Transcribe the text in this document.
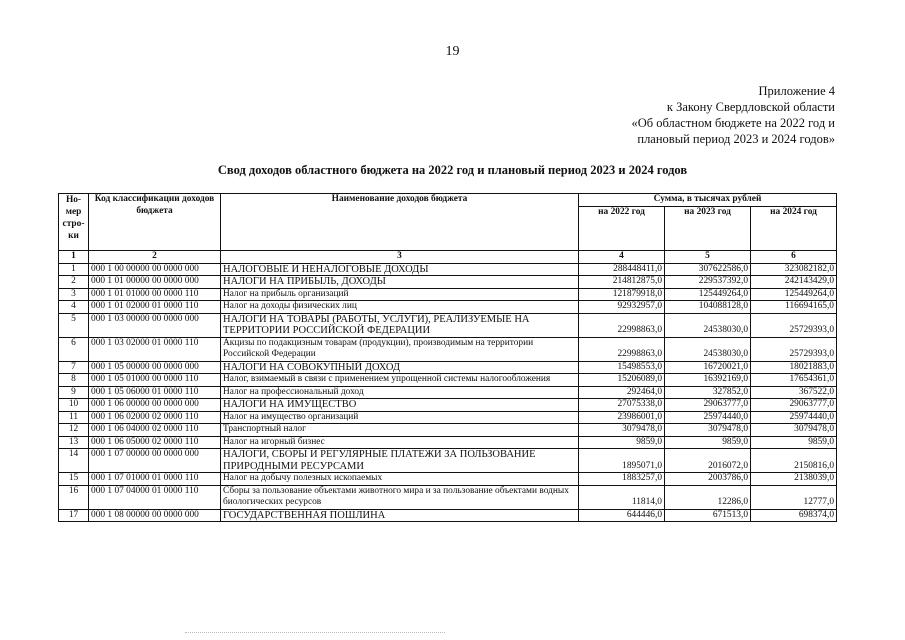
19
Приложение 4
к Закону Свердловской области
«Об областном бюджете на 2022 год и
плановый период 2023 и 2024 годов»
Свод доходов областного бюджета на 2022 год и плановый период 2023 и 2024 годов
Но-мер стро-ки	Код классификации доходов бюджета	Наименование доходов бюджета	Сумма, в тысячах рублей		
			на 2022 год	на 2023 год	на 2024 год
1	2	3	4	5	6
1	000 1 00 00000 00 0000 000	НАЛОГОВЫЕ И НЕНАЛОГОВЫЕ ДОХОДЫ	288448411,0	307622586,0	323082182,0
2	000 1 01 00000 00 0000 000	НАЛОГИ НА ПРИБЫЛЬ, ДОХОДЫ	214812875,0	229537392,0	242143429,0
3	000 1 01 01000 00 0000 110	Налог на прибыль организаций	121879918,0	125449264,0	125449264,0
4	000 1 01 02000 01 0000 110	Налог на доходы физических лиц	92932957,0	104088128,0	116694165,0
5	000 1 03 00000 00 0000 000	НАЛОГИ НА ТОВАРЫ (РАБОТЫ, УСЛУГИ), РЕАЛИЗУЕМЫЕ НА ТЕРРИТОРИИ РОССИЙСКОЙ ФЕДЕРАЦИИ	22998863,0	24538030,0	25729393,0
6	000 1 03 02000 01 0000 110	Акцизы по подакцизным товарам (продукции), производимым на территории Российской Федерации	22998863,0	24538030,0	25729393,0
7	000 1 05 00000 00 0000 000	НАЛОГИ НА СОВОКУПНЫЙ ДОХОД	15498553,0	16720021,0	18021883,0
8	000 1 05 01000 00 0000 110	Налог, взимаемый в связи с применением упрощенной системы налогообложения	15206089,0	16392169,0	17654361,0
9	000 1 05 06000 01 0000 110	Налог на профессиональный доход	292464,0	327852,0	367522,0
10	000 1 06 00000 00 0000 000	НАЛОГИ НА ИМУЩЕСТВО	27075338,0	29063777,0	29063777,0
11	000 1 06 02000 02 0000 110	Налог на имущество организаций	23986001,0	25974440,0	25974440,0
12	000 1 06 04000 02 0000 110	Транспортный налог	3079478,0	3079478,0	3079478,0
13	000 1 06 05000 02 0000 110	Налог на игорный бизнес	9859,0	9859,0	9859,0
14	000 1 07 00000 00 0000 000	НАЛОГИ, СБОРЫ И РЕГУЛЯРНЫЕ ПЛАТЕЖИ ЗА ПОЛЬЗОВАНИЕ ПРИРОДНЫМИ РЕСУРСАМИ	1895071,0	2016072,0	2150816,0
15	000 1 07 01000 01 0000 110	Налог на добычу полезных ископаемых	1883257,0	2003786,0	2138039,0
16	000 1 07 04000 01 0000 110	Сборы за пользование объектами животного мира и за пользование объектами водных биологических ресурсов	11814,0	12286,0	12777,0
17	000 1 08 00000 00 0000 000	ГОСУДАРСТВЕННАЯ ПОШЛИНА	644446,0	671513,0	698374,0
